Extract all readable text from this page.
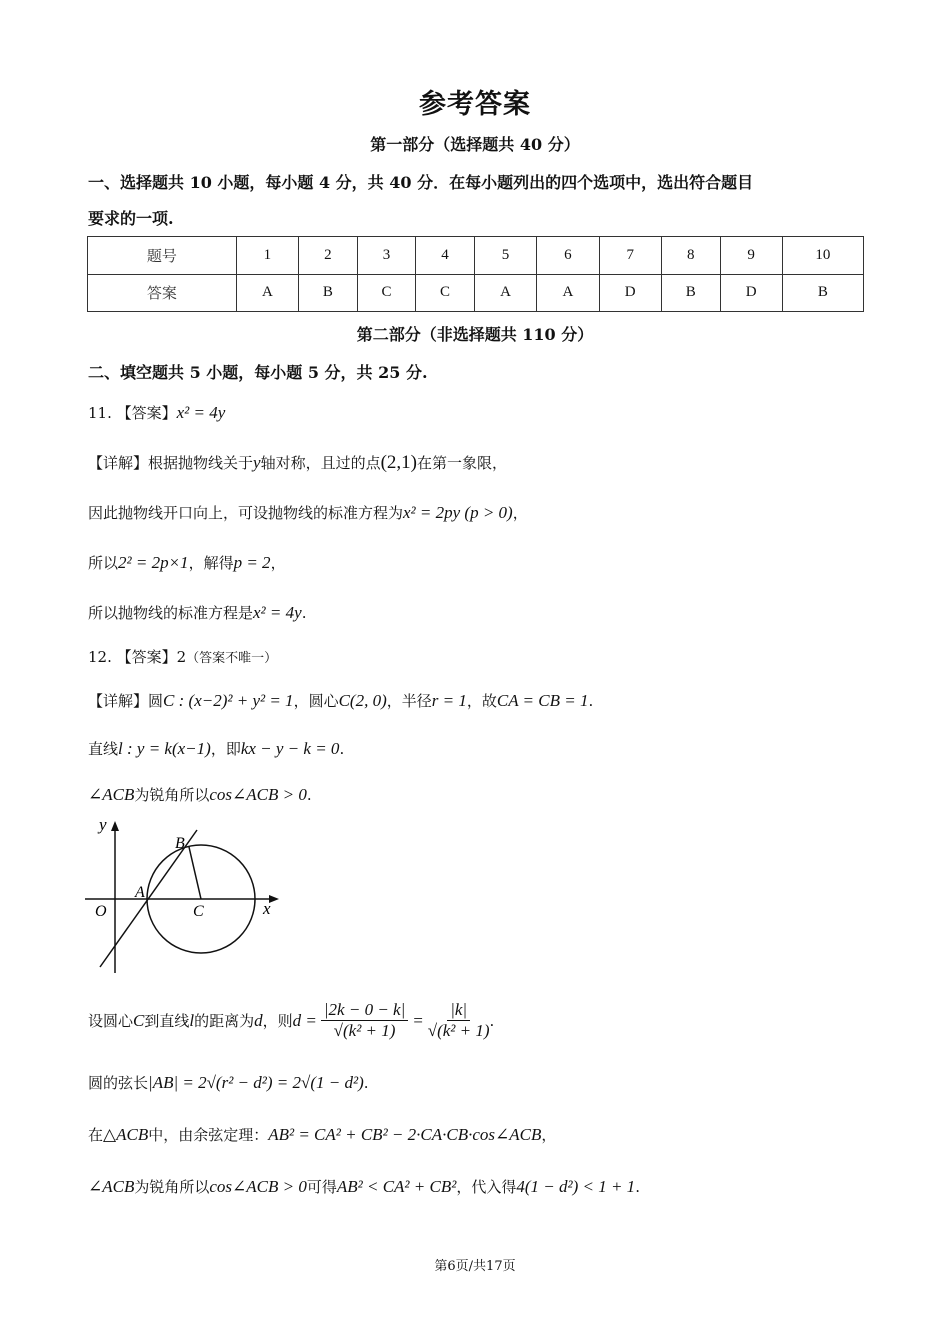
参考答案
第一部分（选择题共 40 分）
一、选择题共 10 小题，每小题 4 分，共 40 分．在每小题列出的四个选项中，选出符合题目
要求的一项.
题号	1	2	3	4	5	6	7	8	9	10
答案	A	B	C	C	A	A	D	B	D	B
第二部分（非选择题共 110 分）
二、填空题共 5 小题，每小题 5 分，共 25 分.
11. 【答案】x² = 4y
【详解】根据抛物线关于y轴对称，且过的点(2,1)在第一象限，
因此抛物线开口向上，可设抛物线的标准方程为x² = 2py (p > 0)，
所以2² = 2p×1，解得p = 2，
所以抛物线的标准方程是x² = 4y.
12. 【答案】2（答案不唯一）
【详解】圆C : (x−2)² + y² = 1，圆心C(2, 0)，半径r = 1，故CA = CB = 1.
直线l : y = k(x−1)，即kx − y − k = 0.
∠ACB为锐角所以cos∠ACB > 0.
y
x
O
A
B
C
设圆心 C 到直线 l 的距离为 d ，则 $d = \frac{|2k - 0 - k|}{\text{√(k² + 1)}} = \frac{|k|}{\text{√(k² + 1)}}$ .
圆的弦长|AB| = 2√(r² − d²) = 2√(1 − d²).
在△ACB中，由余弦定理：AB² = CA² + CB² − 2·CA·CB·cos∠ACB，
∠ACB为锐角所以cos∠ACB > 0可得AB² < CA² + CB²，代入得4(1 − d²) < 1 + 1.
第6页/共17页
